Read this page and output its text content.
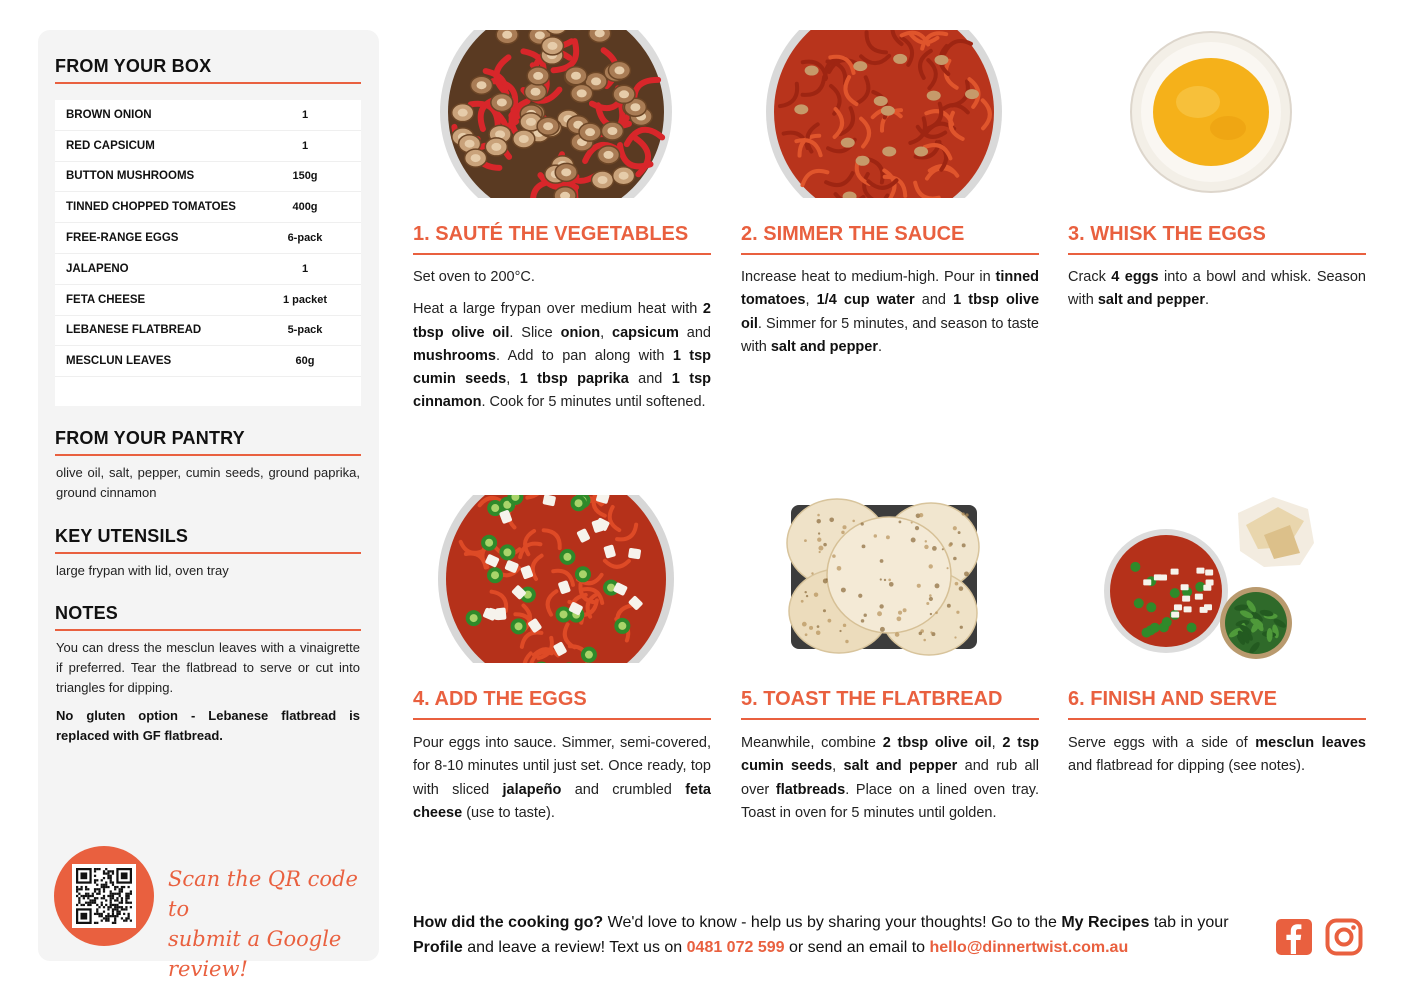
FROM YOUR BOX
BROWN ONION	1
RED CAPSICUM	1
BUTTON MUSHROOMS	150g
TINNED CHOPPED TOMATOES	400g
FREE-RANGE EGGS	6-pack
JALAPENO	1
FETA CHEESE	1 packet
LEBANESE FLATBREAD	5-pack
MESCLUN LEAVES	60g
FROM YOUR PANTRY
olive oil, salt, pepper, cumin seeds, ground paprika, ground cinnamon
KEY UTENSILS
large frypan with lid, oven tray
NOTES
You can dress the mesclun leaves with a vinaigrette if preferred. Tear the flatbread to serve or cut into triangles for dipping.
No gluten option - Lebanese flatbread is replaced with GF flatbread.
Scan the QR code to
submit a Google review!
1. SAUTÉ THE VEGETABLES

Set oven to 200°C.

Heat a large frypan over medium heat with 2 tbsp olive oil. Slice onion, capsicum and mushrooms. Add to pan along with 1 tsp cumin seeds, 1 tbsp paprika and 1 tsp cinnamon. Cook for 5 minutes until softened.

2. SIMMER THE SAUCE

Increase heat to medium-high. Pour in tinned tomatoes, 1/4 cup water and 1 tbsp olive oil. Simmer for 5 minutes, and season to taste with salt and pepper.

3. WHISK THE EGGS

Crack 4 eggs into a bowl and whisk. Season with salt and pepper.

4. ADD THE EGGS

Pour eggs into sauce. Simmer, semi-covered, for 8-10 minutes until just set. Once ready, top with sliced jalapeño and crumbled feta cheese (use to taste).

5. TOAST THE FLATBREAD

Meanwhile, combine 2 tbsp olive oil, 2 tsp cumin seeds, salt and pepper and rub all over flatbreads. Place on a lined oven tray. Toast in oven for 5 minutes until golden.

6. FINISH AND SERVE

Serve eggs with a side of mesclun leaves and flatbread for dipping (see notes).

How did the cooking go? We'd love to know - help us by sharing your thoughts! Go to the My Recipes tab in your Profile and leave a review! Text us on 0481 072 599 or send an email to hello@dinnertwist.com.au
